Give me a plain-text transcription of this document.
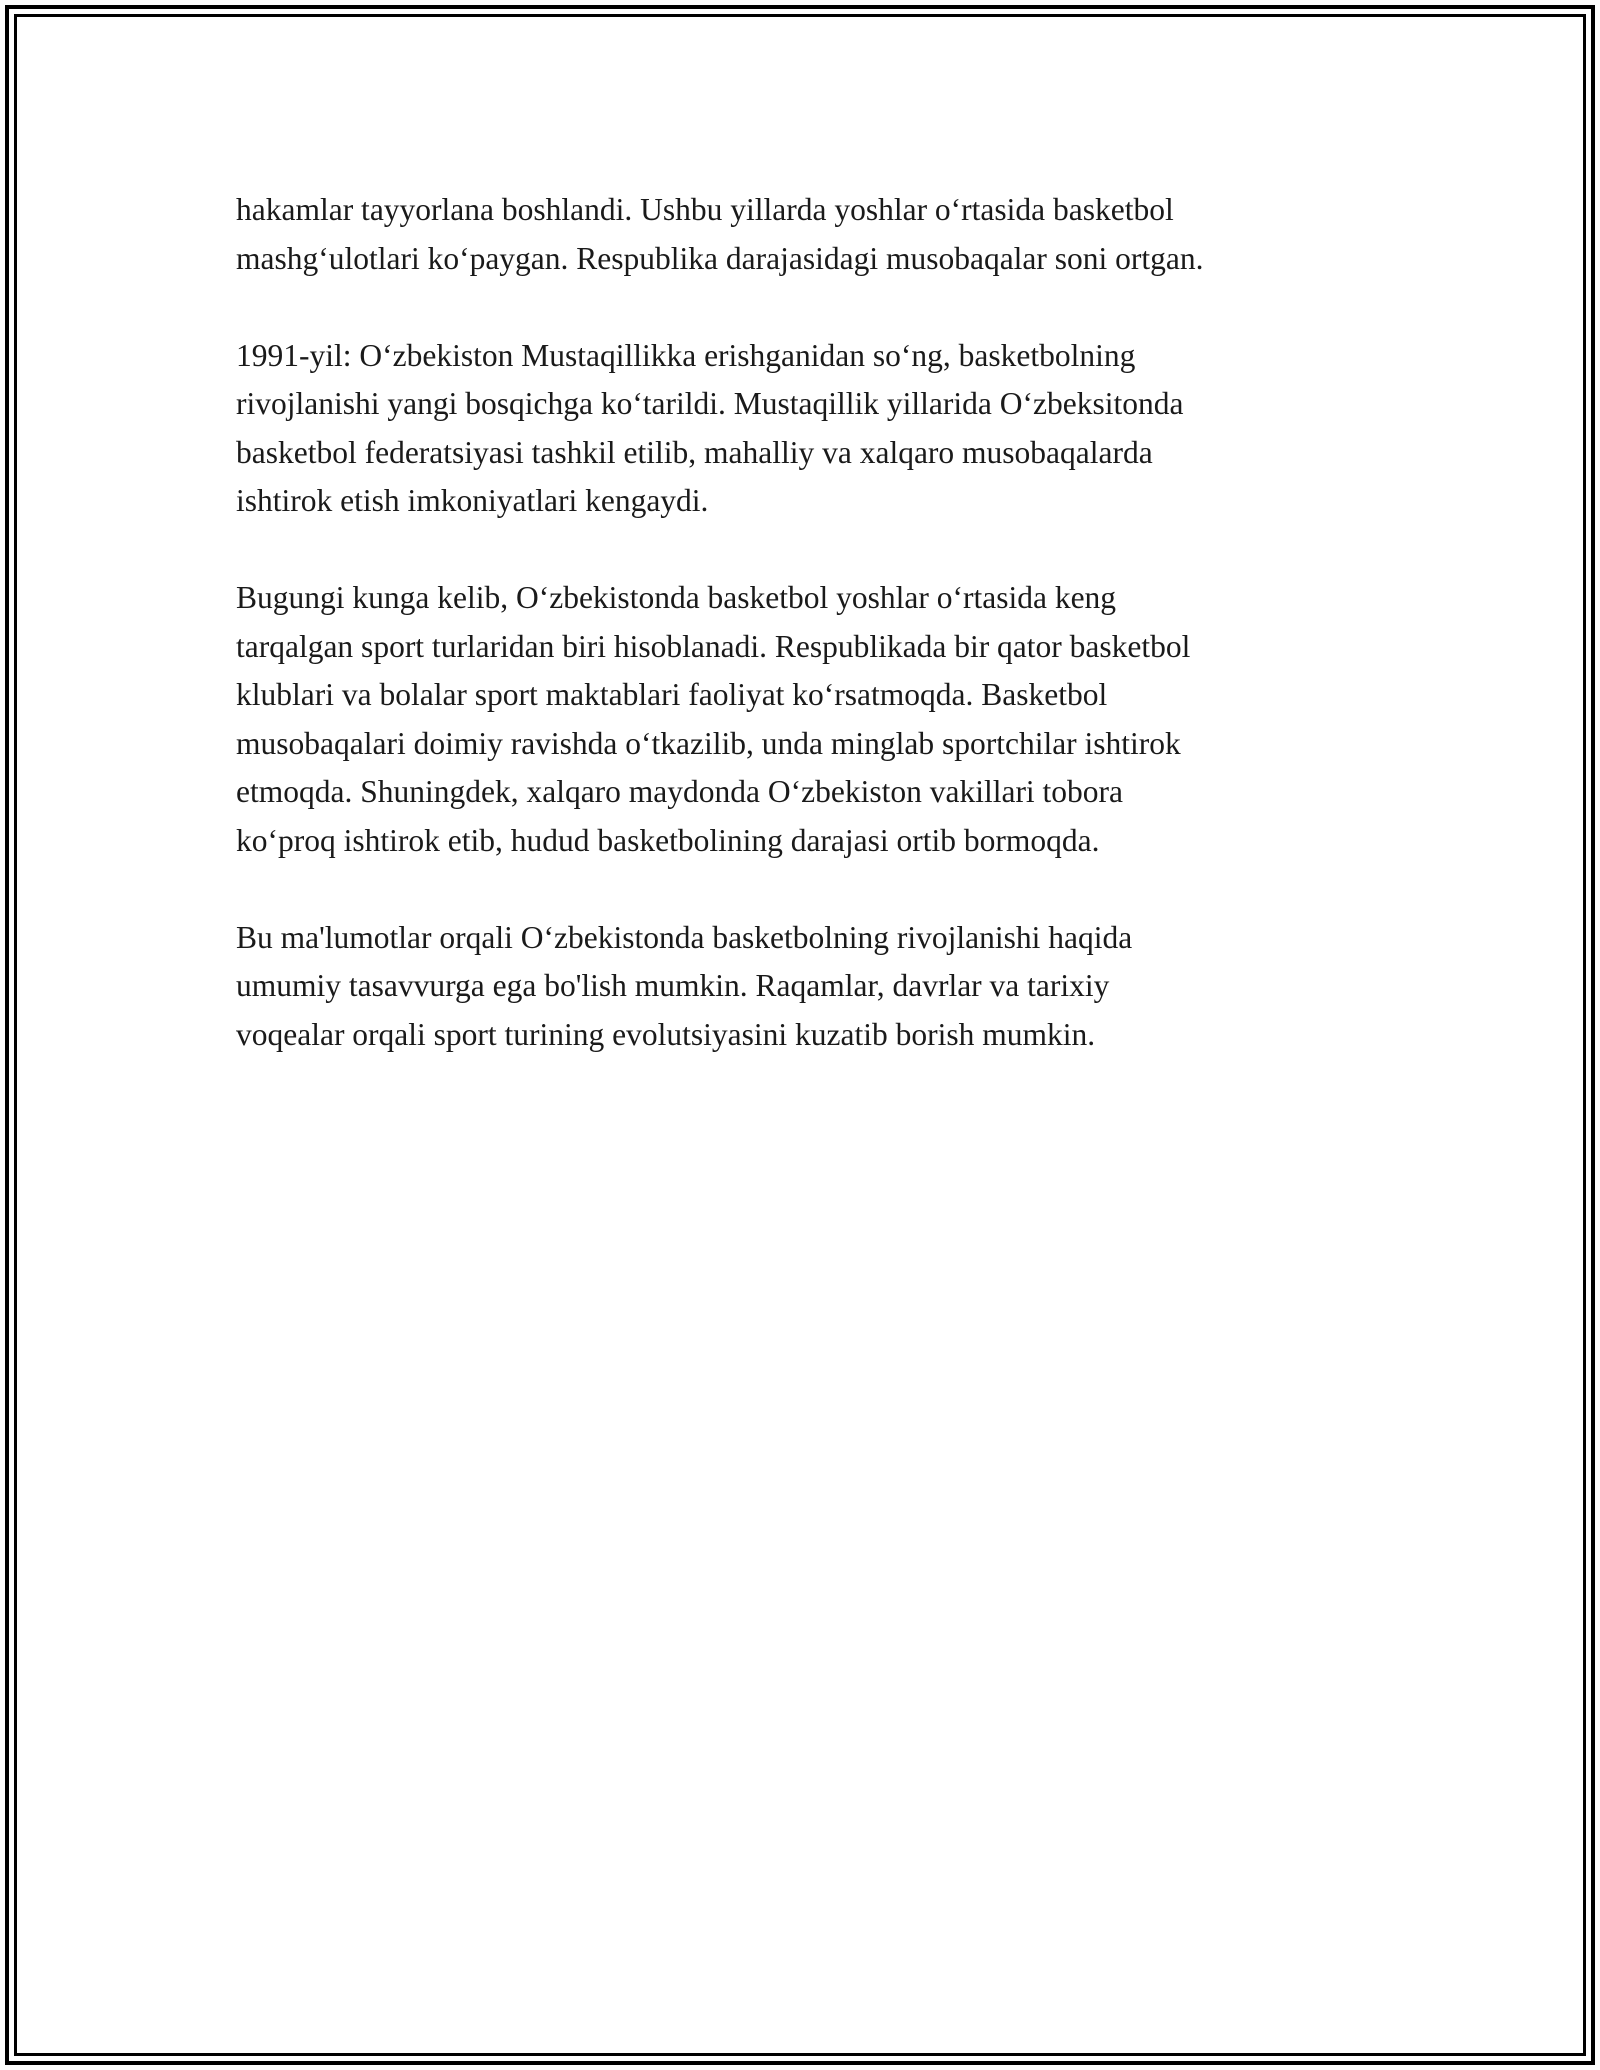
hakamlar tayyorlana boshlandi. Ushbu yillarda yoshlar oʻrtasida basketbol
mashgʻulotlari koʻpaygan. Respublika darajasidagi musobaqalar soni ortgan.

1991-yil: Oʻzbekiston Mustaqillikka erishganidan soʻng, basketbolning
rivojlanishi yangi bosqichga koʻtarildi. Mustaqillik yillarida Oʻzbeksitonda
basketbol federatsiyasi tashkil etilib, mahalliy va xalqaro musobaqalarda
ishtirok etish imkoniyatlari kengaydi.

Bugungi kunga kelib, Oʻzbekistonda basketbol yoshlar oʻrtasida keng
tarqalgan sport turlaridan biri hisoblanadi. Respublikada bir qator basketbol
klublari va bolalar sport maktablari faoliyat koʻrsatmoqda. Basketbol
musobaqalari doimiy ravishda oʻtkazilib, unda minglab sportchilar ishtirok
etmoqda. Shuningdek, xalqaro maydonda Oʻzbekiston vakillari tobora
koʻproq ishtirok etib, hudud basketbolining darajasi ortib bormoqda.

Bu ma'lumotlar orqali Oʻzbekistonda basketbolning rivojlanishi haqida
umumiy tasavvurga ega bo'lish mumkin. Raqamlar, davrlar va tarixiy
voqealar orqali sport turining evolutsiyasini kuzatib borish mumkin.
